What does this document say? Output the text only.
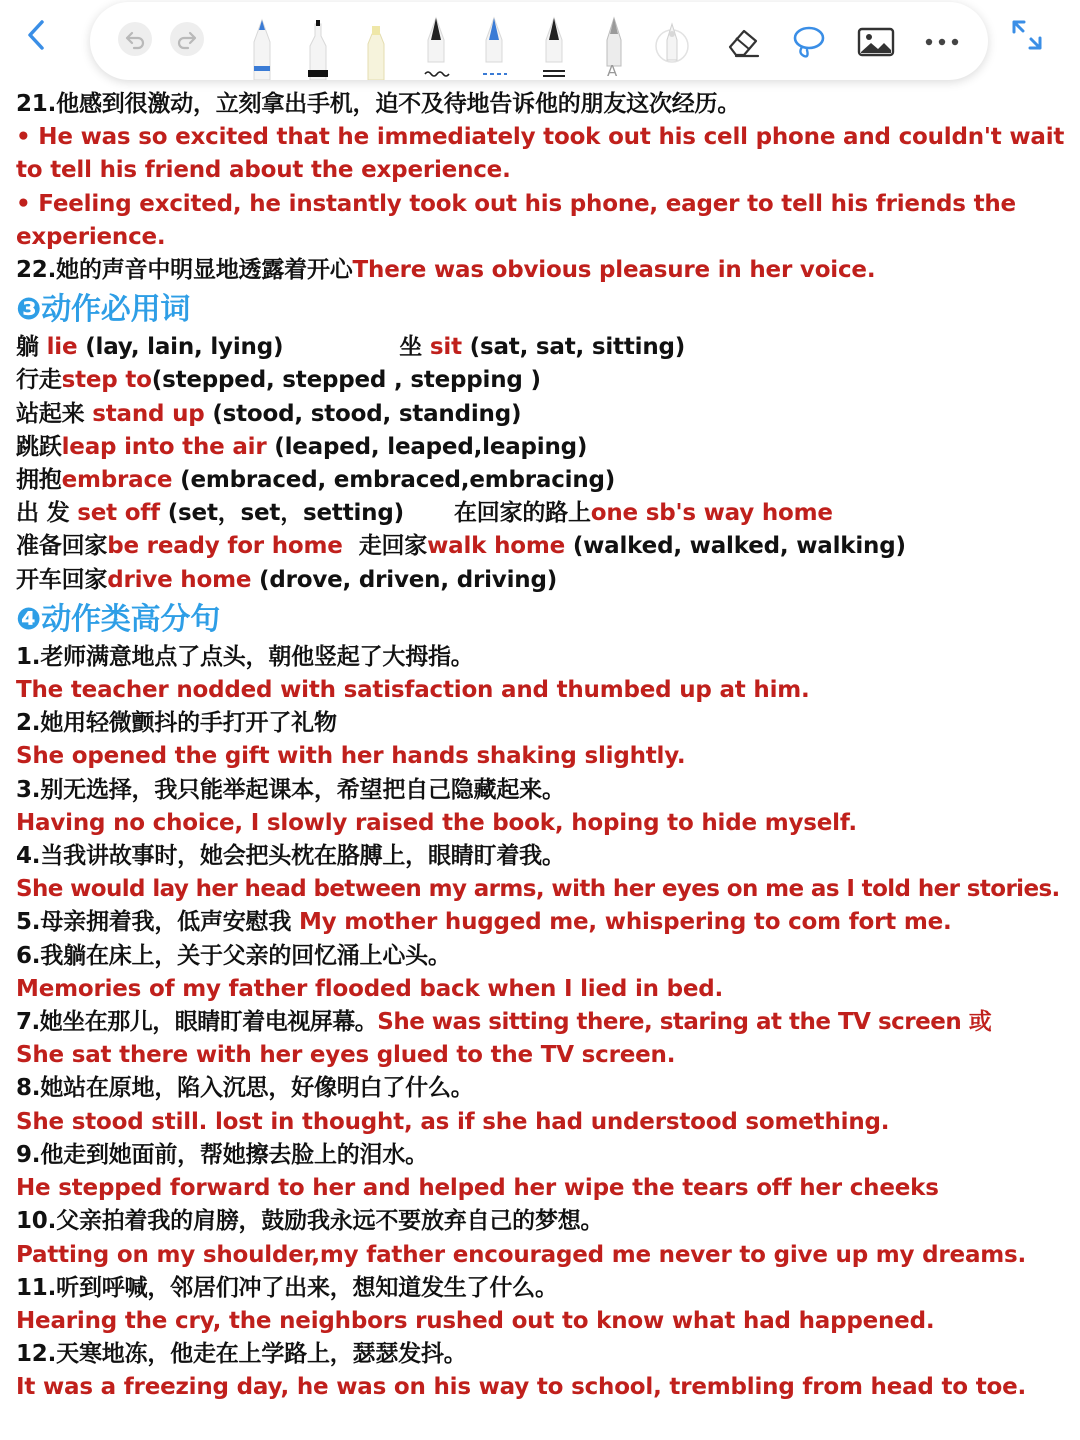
A
21.他感到很激动，立刻拿出手机，迫不及待地告诉他的朋友这次经历。
• He was so excited that he immediately took out his cell phone and couldn't wait to tell his friend about the experience.
• Feeling excited, he instantly took out his phone, eager to tell his friends the experience.
22.她的声音中明显地透露着开心There was obvious pleasure in her voice.
❸动作必用词
躺 lie (lay, lain, lying)	坐 sit (sat, sat, sitting)
行走step to(stepped, stepped , stepping )
站起来 stand up (stood, stood, standing)
跳跃leap into the air (leaped, leaped,leaping)
拥抱embrace (embraced, embraced,embracing)
出 发 set off (set，set，setting) 在回家的路上one sb's way home
准备回家be ready for home 走回家walk home (walked, walked, walking)
开车回家drive home (drove, driven, driving)
❹动作类高分句
1.老师满意地点了点头，朝他竖起了大拇指。
The teacher nodded with satisfaction and thumbed up at him.
2.她用轻微颤抖的手打开了礼物
She opened the gift with her hands shaking slightly.
3.别无选择，我只能举起课本，希望把自己隐藏起来。
Having no choice, I slowly raised the book, hoping to hide myself.
4.当我讲故事时，她会把头枕在胳膊上，眼睛盯着我。
She would lay her head between my arms, with her eyes on me as I told her stories.
5.母亲拥着我，低声安慰我 My mother hugged me, whispering to com fort me.
6.我躺在床上，关于父亲的回忆涌上心头。
Memories of my father flooded back when I lied in bed.
7.她坐在那儿，眼睛盯着电视屏幕。She was sitting there, staring at the TV screen 或
She sat there with her eyes glued to the TV screen.
8.她站在原地，陷入沉思，好像明白了什么。
She stood still. lost in thought, as if she had understood something.
9.他走到她面前，帮她擦去脸上的泪水。
He stepped forward to her and helped her wipe the tears off her cheeks
10.父亲拍着我的肩膀，鼓励我永远不要放弃自己的梦想。
Patting on my shoulder,my father encouraged me never to give up my dreams.
11.听到呼喊，邻居们冲了出来，想知道发生了什么。
Hearing the cry, the neighbors rushed out to know what had happened.
12.天寒地冻，他走在上学路上，瑟瑟发抖。
It was a freezing day, he was on his way to school, trembling from head to toe.
